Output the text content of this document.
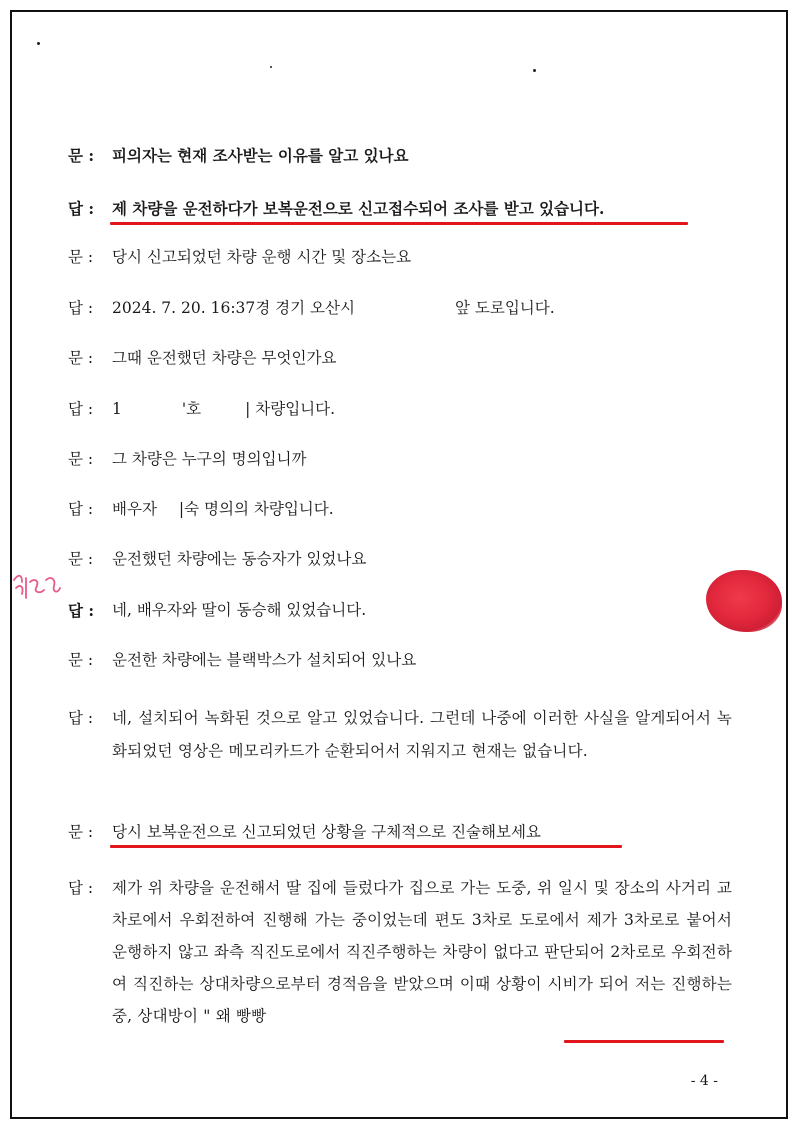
문 : 피의자는 현재 조사받는 이유를 알고 있나요
답 : 제 차량을 운전하다가 보복운전으로 신고접수되어 조사를 받고 있습니다.
문 : 당시 신고되었던 차량 운행 시간 및 장소는요
답 : 2024. 7. 20. 16:37경 경기 오산시	앞 도로입니다.
문 : 그때 운전했던 차량은 무엇인가요
답 : 1	'호	| 차량입니다.
문 : 그 차량은 누구의 명의입니까
답 : 배우자 |숙 명의의 차량입니다.
문 : 운전했던 차량에는 동승자가 있었나요
답 : 네, 배우자와 딸이 동승해 있었습니다.
문 : 운전한 차량에는 블랙박스가 설치되어 있나요
답 : 네, 설치되어 녹화된 것으로 알고 있었습니다. 그런데 나중에 이러한 사실을 알게되어서 녹화되었던 영상은 메모리카드가 순환되어서 지워지고 현재는 없습니다.
문 : 당시 보복운전으로 신고되었던 상황을 구체적으로 진술해보세요
답 : 제가 위 차량을 운전해서 딸 집에 들렀다가 집으로 가는 도중, 위 일시 및 장소의 사거리 교차로에서 우회전하여 진행해 가는 중이었는데 편도 3차로 도로에서 제가 3차로로 붙어서 운행하지 않고 좌측 직진도로에서 직진주행하는 차량이 없다고 판단되어 2차로로 우회전하여 직진하는 상대차량으로부터 경적음을 받았으며 이때 상황이 시비가 되어 저는 진행하는 중, 상대방이 " 왜 빵빵
- 4 -
